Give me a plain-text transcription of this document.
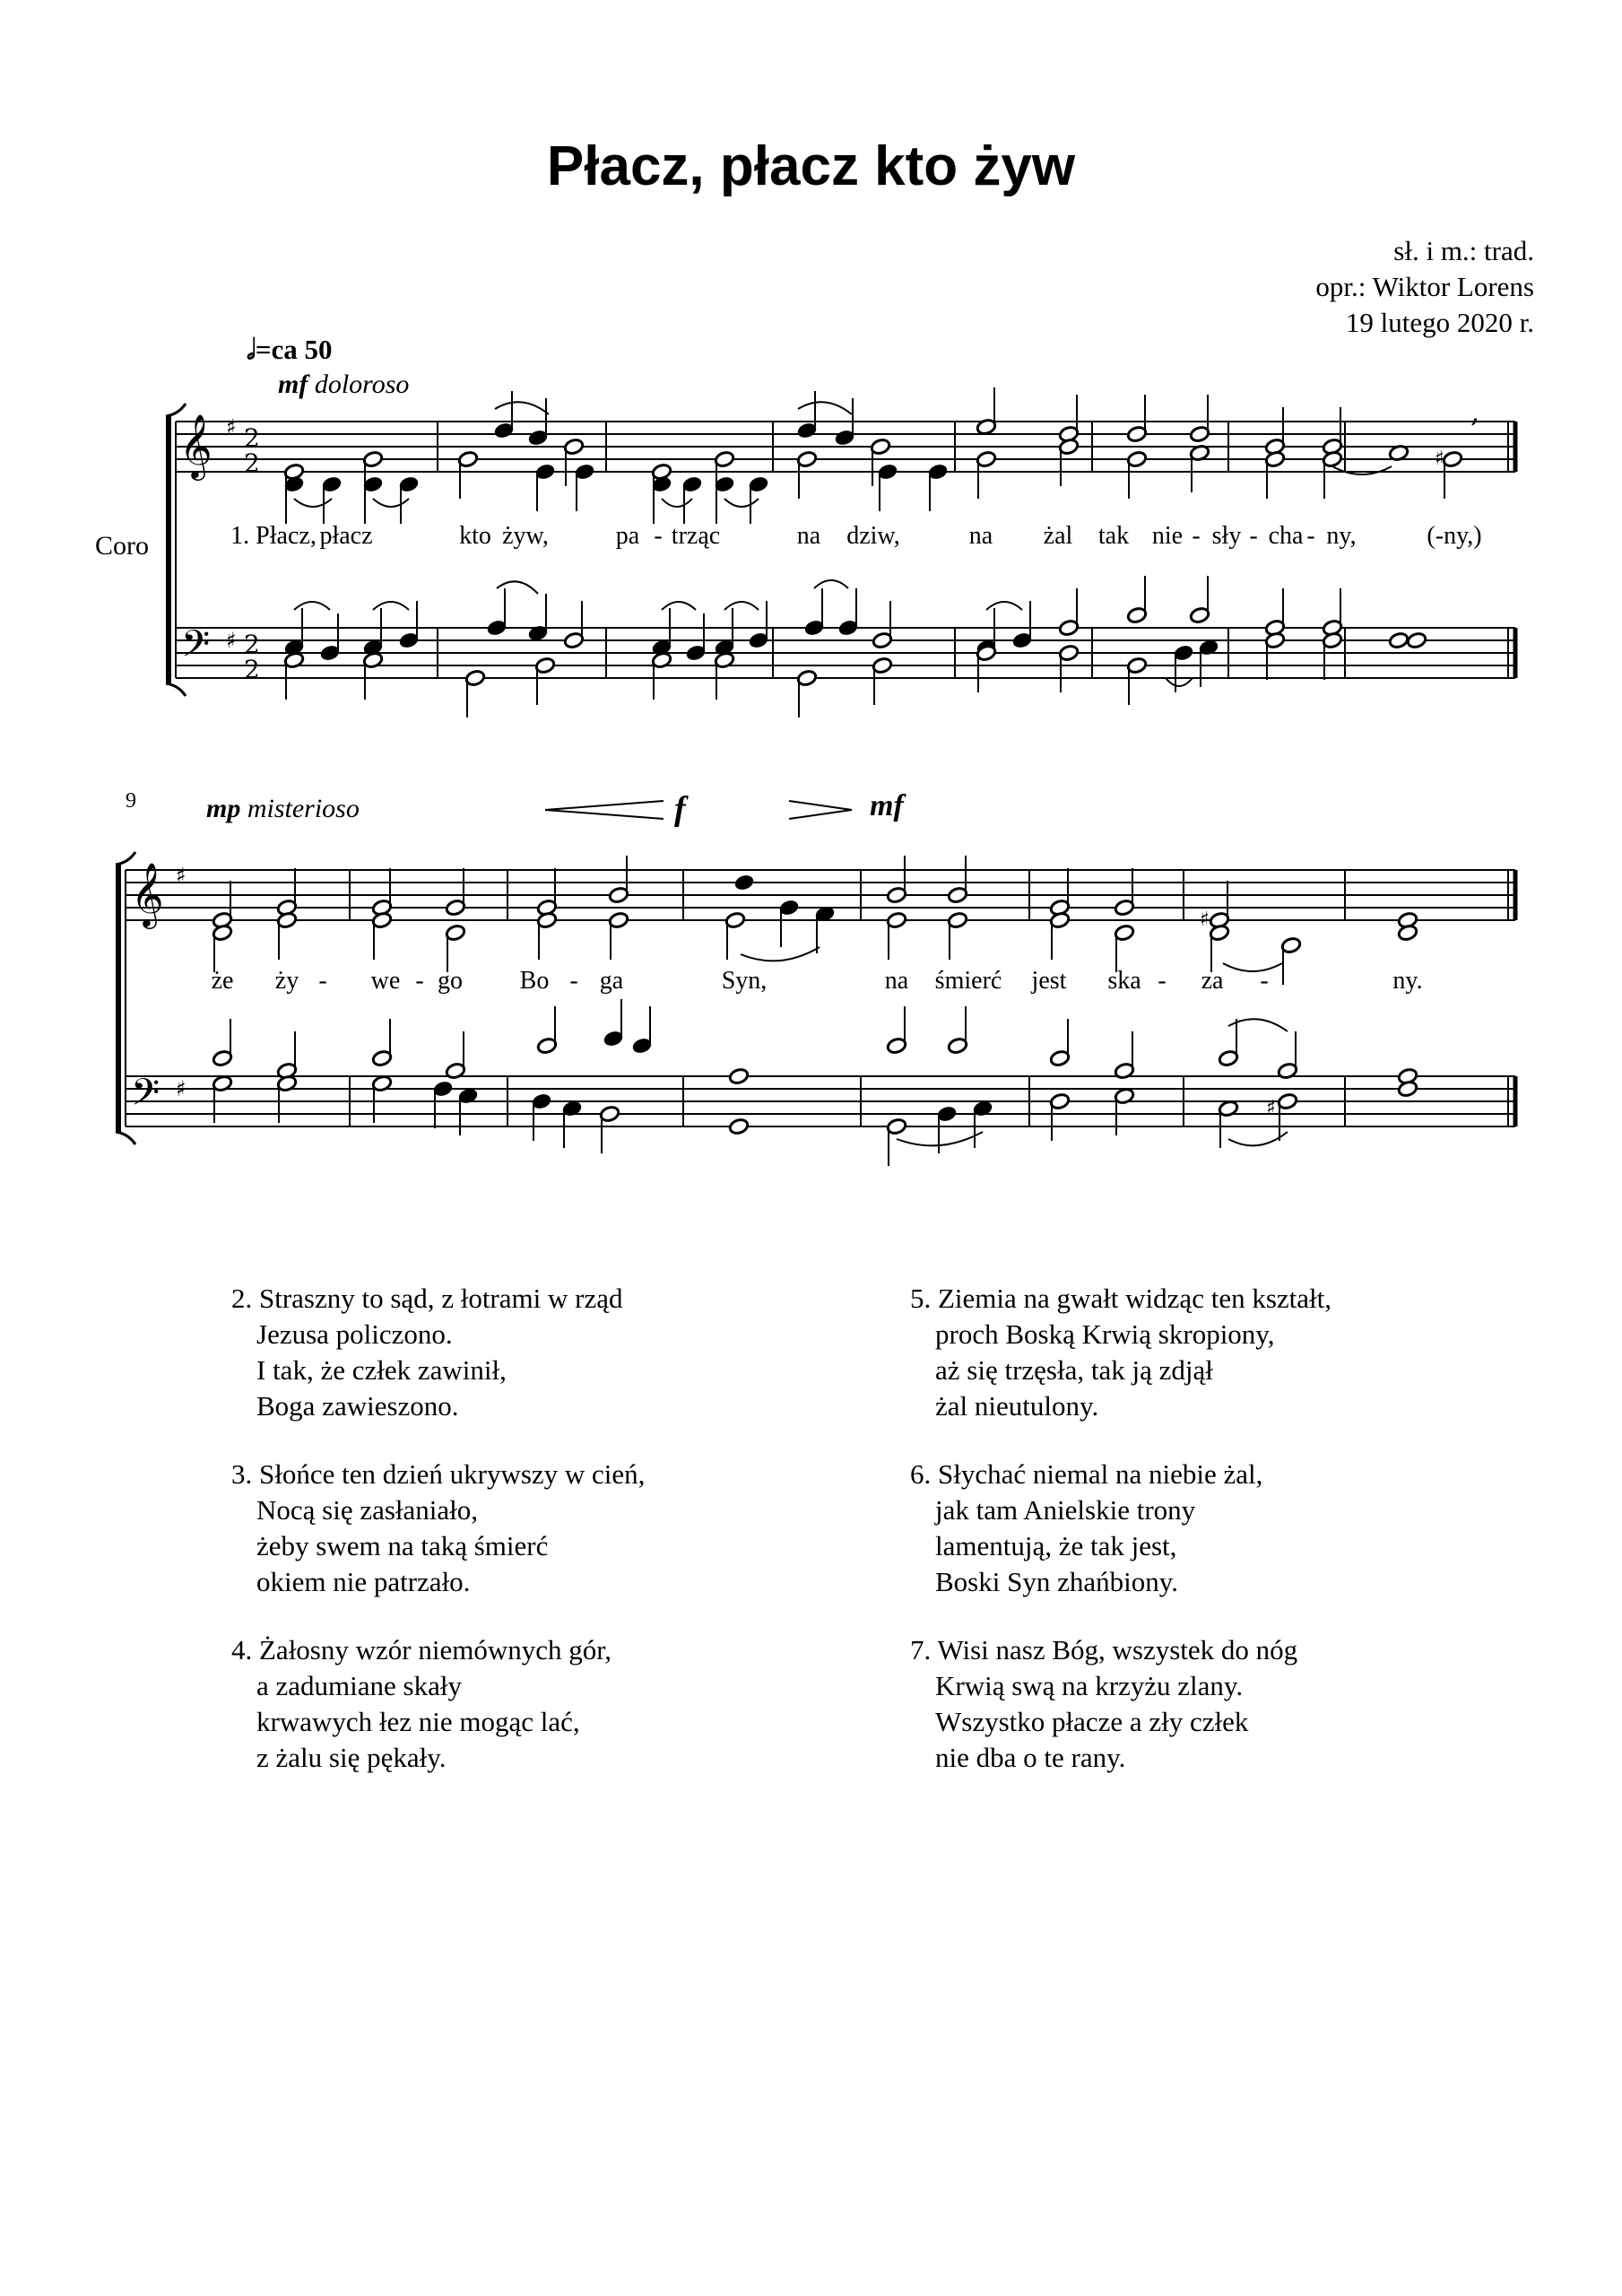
Płacz, płacz kto żyw
sł. i m.: trad.
opr.: Wiktor Lorens
19 lutego 2020 r.
𝅗𝅥=ca 50
mf doloroso
Coro
9	mp misterioso	f	mf
𝄞
𝄢
♯
♯
2
2
2
2
,
♯
𝄞
𝄢
♯
♯
♯
♯
1. Płacz, płacz	kto żyw,	pa - trząc	na dziw,	na żal tak nie - sły - cha - ny,	(-ny,)
że ży - we - go Bo - ga	Syn,	na śmierć jest ska - za -	ny.
2. Straszny to sąd, z łotrami w rząd
Jezusa policzono.
I tak, że człek zawinił,
Boga zawieszono.
3. Słońce ten dzień ukrywszy w cień,
Nocą się zasłaniało,
żeby swem na taką śmierć
okiem nie patrzało.
4. Żałosny wzór niemównych gór,
a zadumiane skały
krwawych łez nie mogąc lać,
z żalu się pękały.
5. Ziemia na gwałt widząc ten kształt,
proch Boską Krwią skropiony,
aż się trzęsła, tak ją zdjął
żal nieutulony.
6. Słychać niemal na niebie żal,
jak tam Anielskie trony
lamentują, że tak jest,
Boski Syn zhańbiony.
7. Wisi nasz Bóg, wszystek do nóg
Krwią swą na krzyżu zlany.
Wszystko płacze a zły człek
nie dba o te rany.
